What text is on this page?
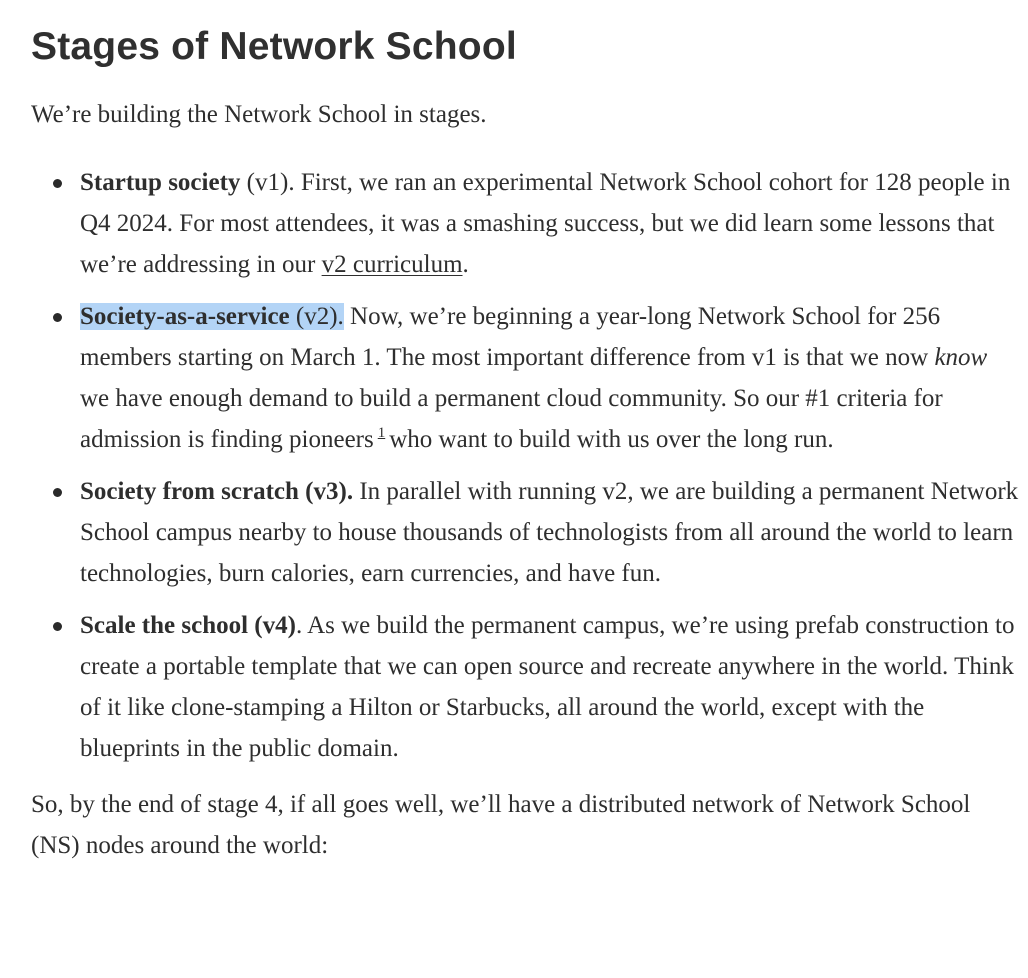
Stages of Network School

We’re building the Network School in stages.

Startup society (v1). First, we ran an experimental Network School cohort for 128 people in Q4 2024. For most attendees, it was a smashing success, but we did learn some lessons that we’re addressing in our v2 curriculum.
Society-as-a-service (v2). Now, we’re beginning a year-long Network School for 256 members starting on March 1. The most important difference from v1 is that we now know we have enough demand to build a permanent cloud community. So our #1 criteria for admission is finding pioneers $^1$ who want to build with us over the long run.
Society from scratch (v3). In parallel with running v2, we are building a permanent Network School campus nearby to house thousands of technologists from all around the world to learn technologies, burn calories, earn currencies, and have fun.
Scale the school (v4). As we build the permanent campus, we’re using prefab construction to create a portable template that we can open source and recreate anywhere in the world. Think of it like clone-stamping a Hilton or Starbucks, all around the world, except with the blueprints in the public domain.

So, by the end of stage 4, if all goes well, we’ll have a distributed network of Network School (NS) nodes around the world:
